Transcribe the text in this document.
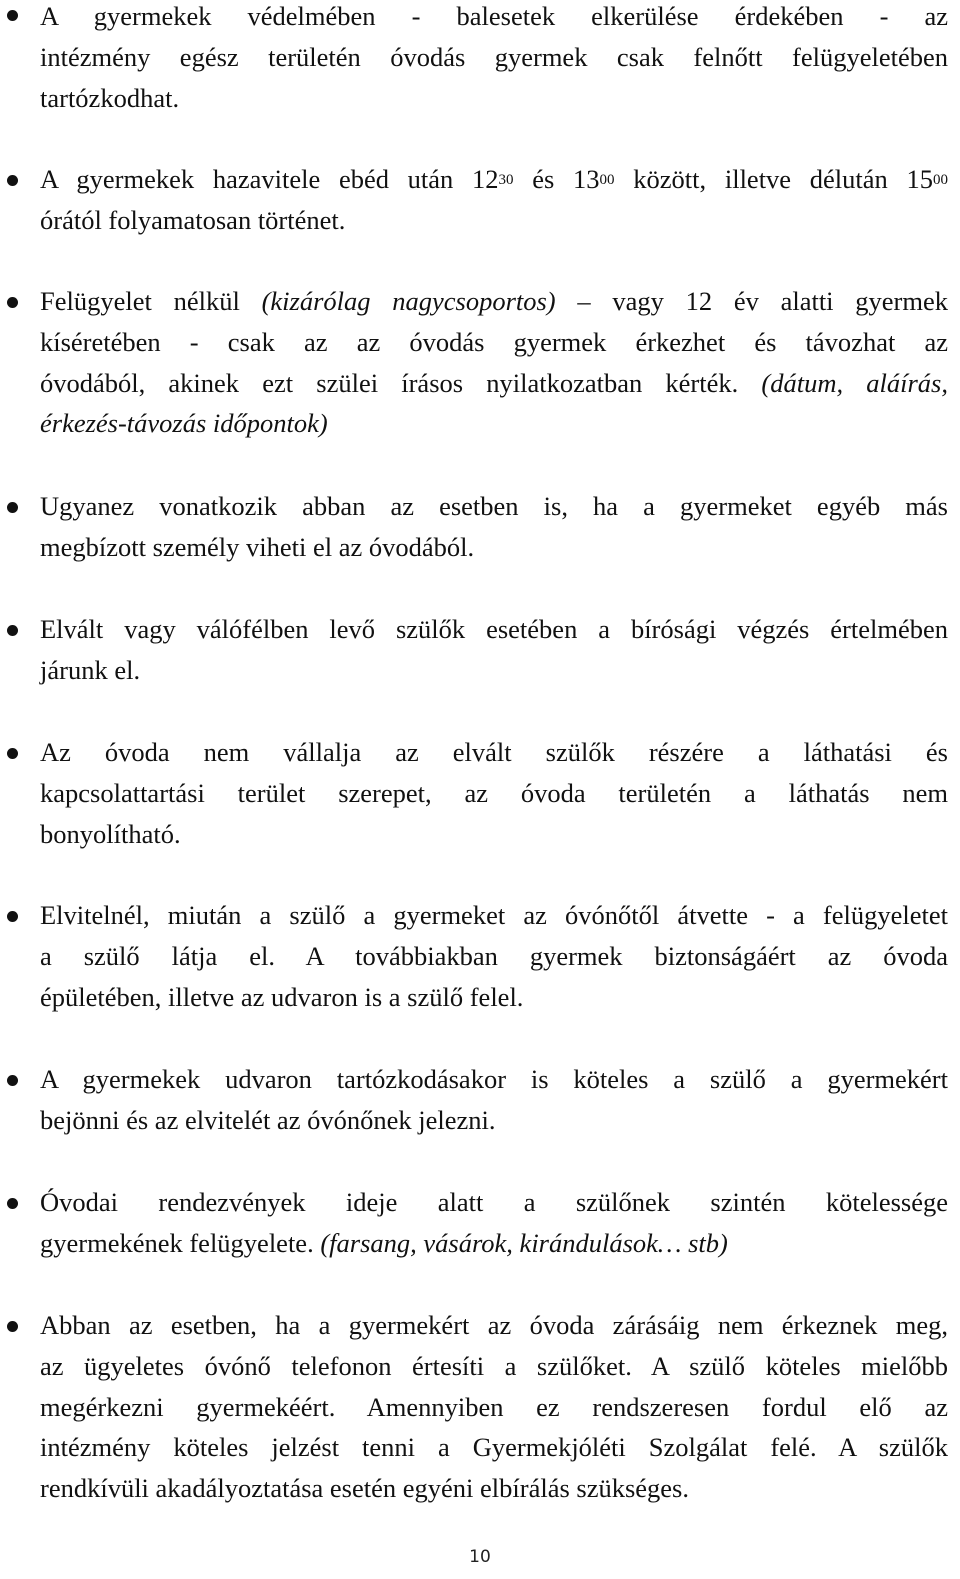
A gyermekek védelmében - balesetek elkerülése érdekében - az
intézmény egész területén óvodás gyermek csak felnőtt felügyeletében
tartózkodhat.
A gyermekek hazavitele ebéd után $12^{30}$ és $13^{00}$ között, illetve délután $15^{00}$
órától folyamatosan történet.
Felügyelet nélkül (kizárólag nagycsoportos) – vagy 12 év alatti gyermek
kíséretében - csak az az óvodás gyermek érkezhet és távozhat az
óvodából, akinek ezt szülei írásos nyilatkozatban kérték. (dátum, aláírás,
érkezés-távozás időpontok)
Ugyanez vonatkozik abban az esetben is, ha a gyermeket egyéb más
megbízott személy viheti el az óvodából.
Elvált vagy válófélben levő szülők esetében a bírósági végzés értelmében
járunk el.
Az óvoda nem vállalja az elvált szülők részére a láthatási és
kapcsolattartási terület szerepet, az óvoda területén a láthatás nem
bonyolítható.
Elvitelnél, miután a szülő a gyermeket az óvónőtől átvette - a felügyeletet
a szülő látja el. A továbbiakban gyermek biztonságáért az óvoda
épületében, illetve az udvaron is a szülő felel.
A gyermekek udvaron tartózkodásakor is köteles a szülő a gyermekért
bejönni és az elvitelét az óvónőnek jelezni.
Óvodai rendezvények ideje alatt a szülőnek szintén kötelessége
gyermekének felügyelete. (farsang, vásárok, kirándulások… stb)
Abban az esetben, ha a gyermekért az óvoda zárásáig nem érkeznek meg,
az ügyeletes óvónő telefonon értesíti a szülőket. A szülő köteles mielőbb
megérkezni gyermekéért. Amennyiben ez rendszeresen fordul elő az
intézmény köteles jelzést tenni a Gyermekjóléti Szolgálat felé. A szülők
rendkívüli akadályoztatása esetén egyéni elbírálás szükséges.
10
